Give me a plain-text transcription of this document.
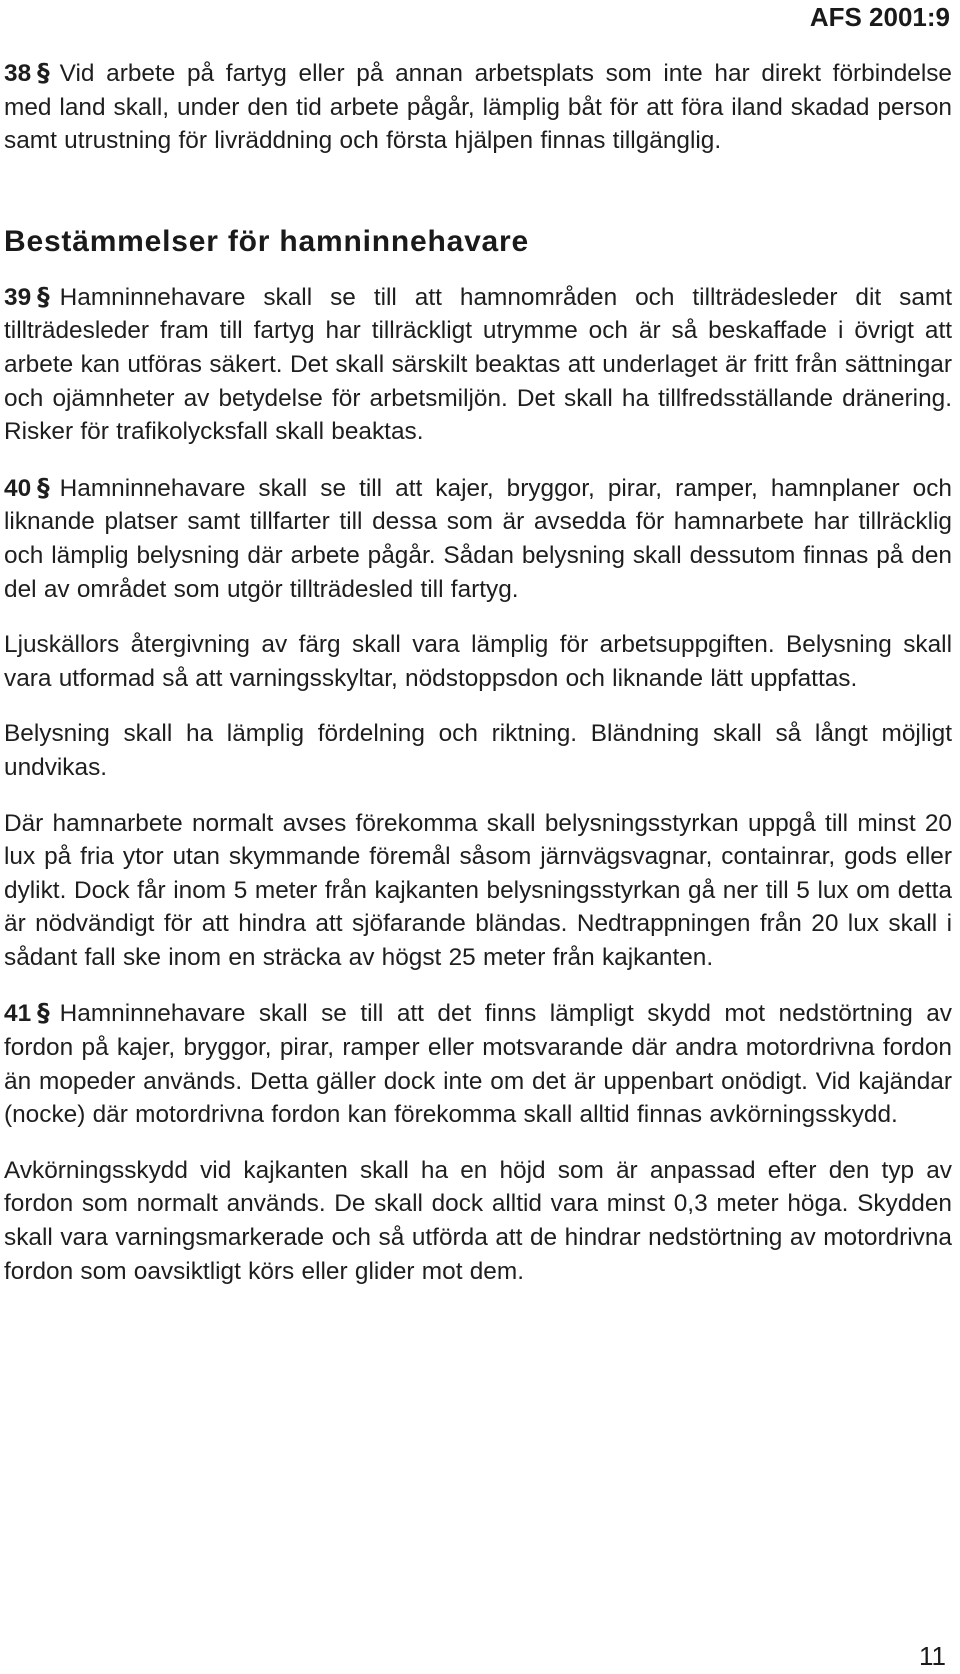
AFS 2001:9

38 § Vid arbete på fartyg eller på annan arbetsplats som inte har direkt förbindelse med land skall, under den tid arbete pågår, lämplig båt för att föra iland skadad person samt utrustning för livräddning och första hjälpen finnas tillgänglig.

Bestämmelser för hamninnehavare

39 § Hamninnehavare skall se till att hamnområden och tillträdesleder dit samt tillträdesleder fram till fartyg har tillräckligt utrymme och är så beskaffade i övrigt att arbete kan utföras säkert. Det skall särskilt beaktas att underlaget är fritt från sättningar och ojämnheter av betydelse för arbetsmiljön. Det skall ha tillfredsställande dränering. Risker för trafikolycksfall skall beaktas.

40 § Hamninnehavare skall se till att kajer, bryggor, pirar, ramper, hamnplaner och liknande platser samt tillfarter till dessa som är avsedda för hamnarbete har tillräcklig och lämplig belysning där arbete pågår. Sådan belysning skall dessutom finnas på den del av området som utgör tillträdesled till fartyg.

Ljuskällors återgivning av färg skall vara lämplig för arbetsuppgiften. Belysning skall vara utformad så att varningsskyltar, nödstoppsdon och liknande lätt uppfattas.

Belysning skall ha lämplig fördelning och riktning. Bländning skall så långt möjligt undvikas.

Där hamnarbete normalt avses förekomma skall belysningsstyrkan uppgå till minst 20 lux på fria ytor utan skymmande föremål såsom järnvägsvagnar, containrar, gods eller dylikt. Dock får inom 5 meter från kajkanten belysningsstyrkan gå ner till 5 lux om detta är nödvändigt för att hindra att sjöfarande bländas. Nedtrappningen från 20 lux skall i sådant fall ske inom en sträcka av högst 25 meter från kajkanten.

41 § Hamninnehavare skall se till att det finns lämpligt skydd mot nedstörtning av fordon på kajer, bryggor, pirar, ramper eller motsvarande där andra motordrivna fordon än mopeder används. Detta gäller dock inte om det är uppenbart onödigt. Vid kajändar (nocke) där motordrivna fordon kan förekomma skall alltid finnas avkörningsskydd.

Avkörningsskydd vid kajkanten skall ha en höjd som är anpassad efter den typ av fordon som normalt används. De skall dock alltid vara minst 0,3 meter höga. Skydden skall vara varningsmarkerade och så utförda att de hindrar nedstörtning av motordrivna fordon som oavsiktligt körs eller glider mot dem.

11
